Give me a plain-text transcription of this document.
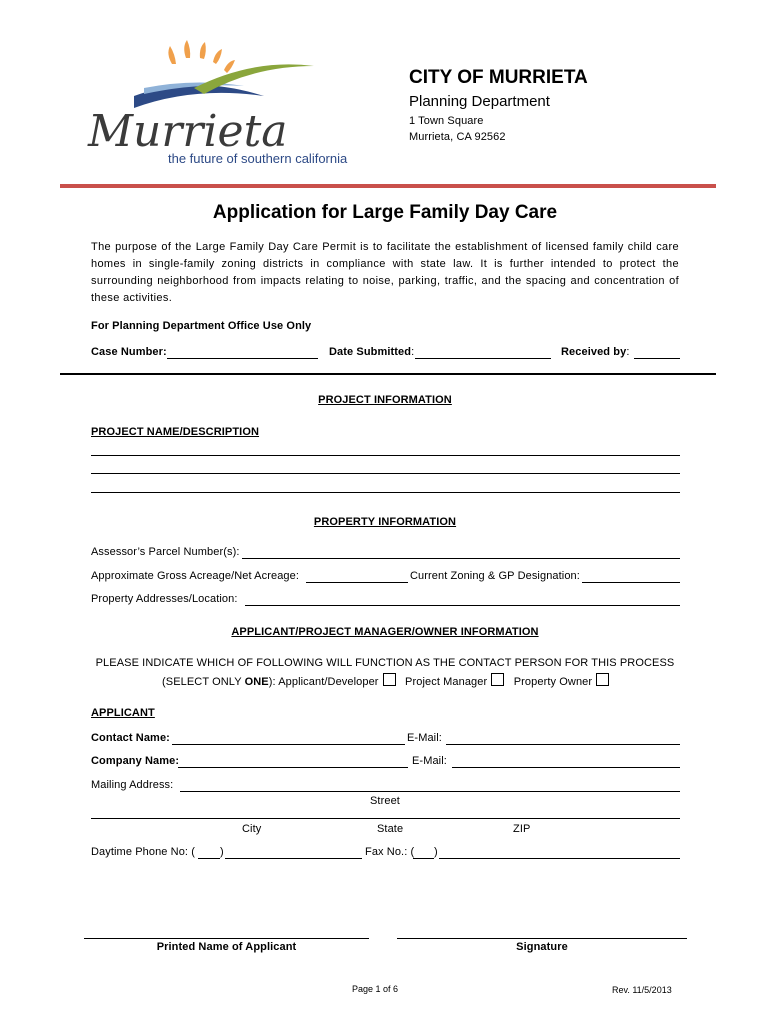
Murrieta
the future of southern california
CITY OF MURRIETA
Planning Department
1 Town Square
Murrieta, CA 92562
Application for Large Family Day Care
The purpose of the Large Family Day Care Permit is to facilitate the establishment of licensed family child care homes in single-family zoning districts in compliance with state law. It is further intended to protect the surrounding neighborhood from impacts relating to noise, parking, traffic, and the spacing and concentration of these activities.
For Planning Department Office Use Only
Case Number:	Date Submitted:	Received by:
PROJECT INFORMATION
PROJECT NAME/DESCRIPTION
PROPERTY INFORMATION
Assessor’s Parcel Number(s):
Approximate Gross Acreage/Net Acreage:	Current Zoning & GP Designation:
Property Addresses/Location:
APPLICANT/PROJECT MANAGER/OWNER INFORMATION
PLEASE INDICATE WHICH OF FOLLOWING WILL FUNCTION AS THE CONTACT PERSON FOR THIS PROCESS
(SELECT ONLY ONE): Applicant/Developer Project Manager Property Owner
APPLICANT
Contact Name:	E-Mail:
Company Name:	E-Mail:
Mailing Address:
Street
City	State	ZIP
Daytime Phone No: ( )	Fax No.: ( )
Printed Name of Applicant	Signature
Page 1 of 6	Rev. 11/5/2013
